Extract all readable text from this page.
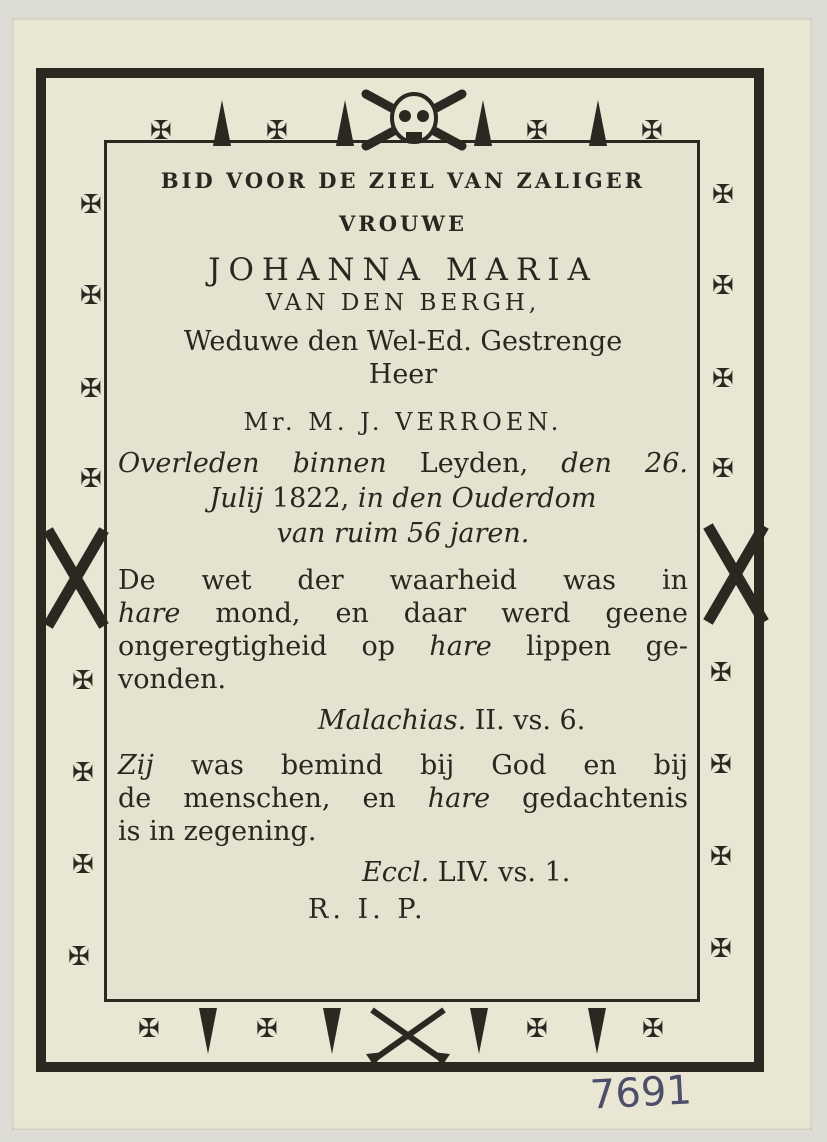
✠	✠	✠	✠
✠
✠
✠
✠
✠
✠
✠
✠
✠
✠
✠
✠
✠
✠
✠
✠
✠	✠	✠	✠

BID VOOR DE ZIEL VAN ZALIGER

VROUWE

JOHANNA MARIA

VAN DEN BERGH,

Weduwe den Wel-Ed. Gestrenge

Heer

Mr. M. J. VERROEN.

Overleden binnen Leyden, den 26.

Julij 1822, in den Ouderdom

van ruim 56 jaren.

De wet der waarheid was in

hare mond, en daar werd geene

ongeregtigheid op hare lippen ge-

vonden.

Malachias. II. vs. 6.

Zij was bemind bij God en bij

de menschen, en hare gedachtenis

is in zegening.

Eccl. LIV. vs. 1.

R. I. P.

7691
